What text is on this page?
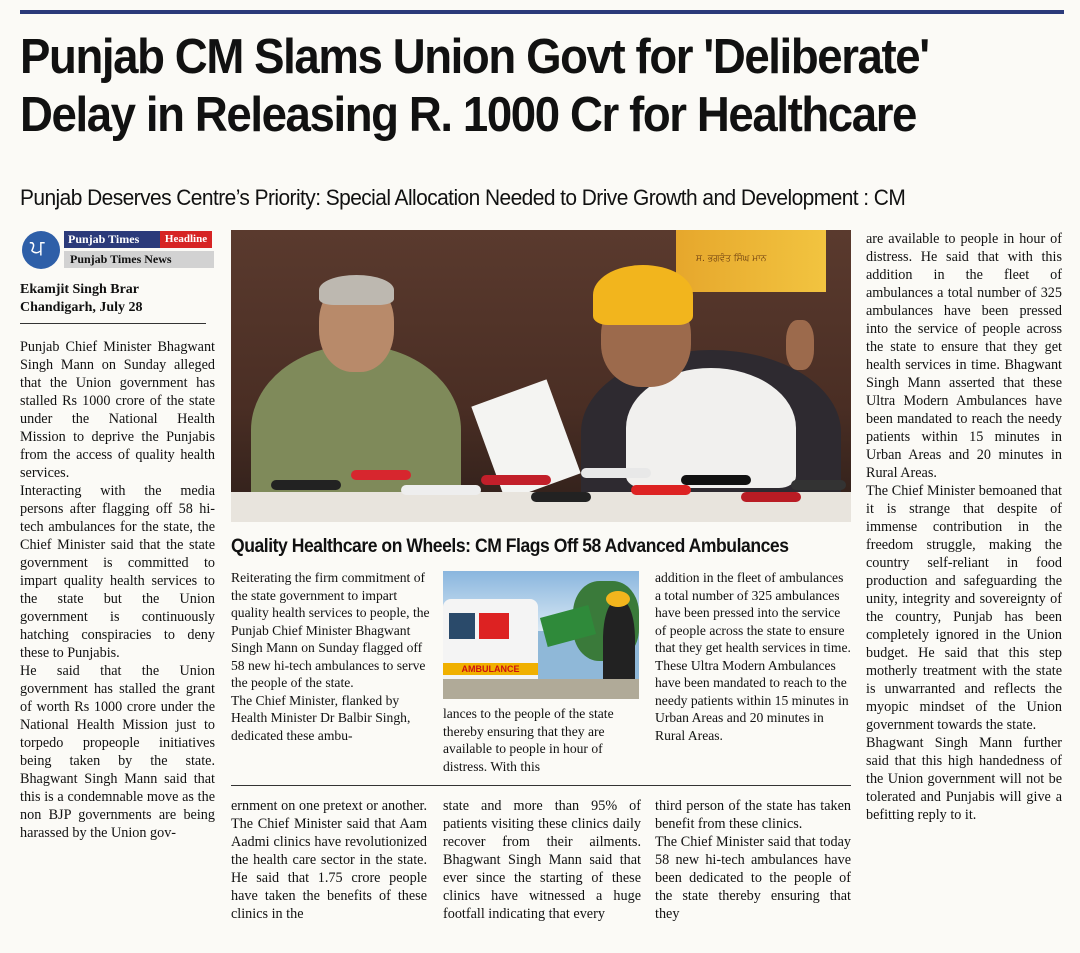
Punjab CM Slams Union Govt for 'Deliberate'
Delay in Releasing R. 1000 Cr for Healthcare
Punjab Deserves Centre’s Priority: Special Allocation Needed to Drive Growth and Development : CM
ਪ	Punjab Times	Headline
Punjab Times News
Ekamjit Singh Brar
Chandigarh, July 28

Punjab Chief Minister Bhagwant Singh Mann on Sunday alleged that the Union government has stalled Rs 1000 crore of the state under the National Health Mission to deprive the Punjabis from the access of quality health services.

Interacting with the media persons after flagging off 58 hi-tech ambulances for the state, the Chief Minister said that the state government is committed to impart quality health services to the state but the Union government is continuously hatching conspiracies to deny these to Punjabis.

He said that the Union government has stalled the grant of worth Rs 1000 crore under the National Health Mission just to torpedo propeople initiatives being taken by the state. Bhagwant Singh Mann said that this is a condemnable move as the non BJP governments are being harassed by the Union gov-

ਸ. ਭਗਵੰਤ ਸਿੰਘ ਮਾਨ

are available to people in hour of distress. He said that with this addition in the fleet of ambulances a total number of 325 ambulances have been pressed into the service of people across the state to ensure that they get health services in time. Bhagwant Singh Mann asserted that these Ultra Modern Ambulances have been mandated to reach the needy patients within 15 minutes in Urban Areas and 20 minutes in Rural Areas.

The Chief Minister bemoaned that it is strange that despite of immense contribution in the freedom struggle, making the country self-reliant in food production and safeguarding the unity, integrity and sovereignty of the country, Punjab has been completely ignored in the Union budget. He said that this step motherly treatment with the state is unwarranted and reflects the myopic mindset of the Union government towards the state.

Bhagwant Singh Mann further said that this high handedness of the Union government will not be tolerated and Punjabis will give a befitting reply to it.

Quality Healthcare on Wheels: CM Flags Off 58 Advanced Ambulances

Reiterating the firm commitment of the state government to impart quality health services to people, the Punjab Chief Minister Bhagwant Singh Mann on Sunday flagged off 58 new hi-tech ambulances to serve the people of the state.

The Chief Minister, flanked by Health Minister Dr Balbir Singh, dedicated these ambu-

AMBULANCE

lances to the people of the state thereby ensuring that they are available to people in hour of distress. With this

addition in the fleet of ambulances a total number of 325 ambulances have been pressed into the service of people across the state to ensure that they get health services in time. These Ultra Modern Ambulances have been mandated to reach to the needy patients within 15 minutes in Urban Areas and 20 minutes in Rural Areas.

ernment on one pretext or another. The Chief Minister said that Aam Aadmi clinics have revolutionized the health care sector in the state. He said that 1.75 crore people have taken the benefits of these clinics in the

state and more than 95% of patients visiting these clinics daily recover from their ailments. Bhagwant Singh Mann said that ever since the starting of these clinics have witnessed a huge footfall indicating that every

third person of the state has taken benefit from these clinics.

The Chief Minister said that today 58 new hi-tech ambulances have been dedicated to the people of the state thereby ensuring that they
